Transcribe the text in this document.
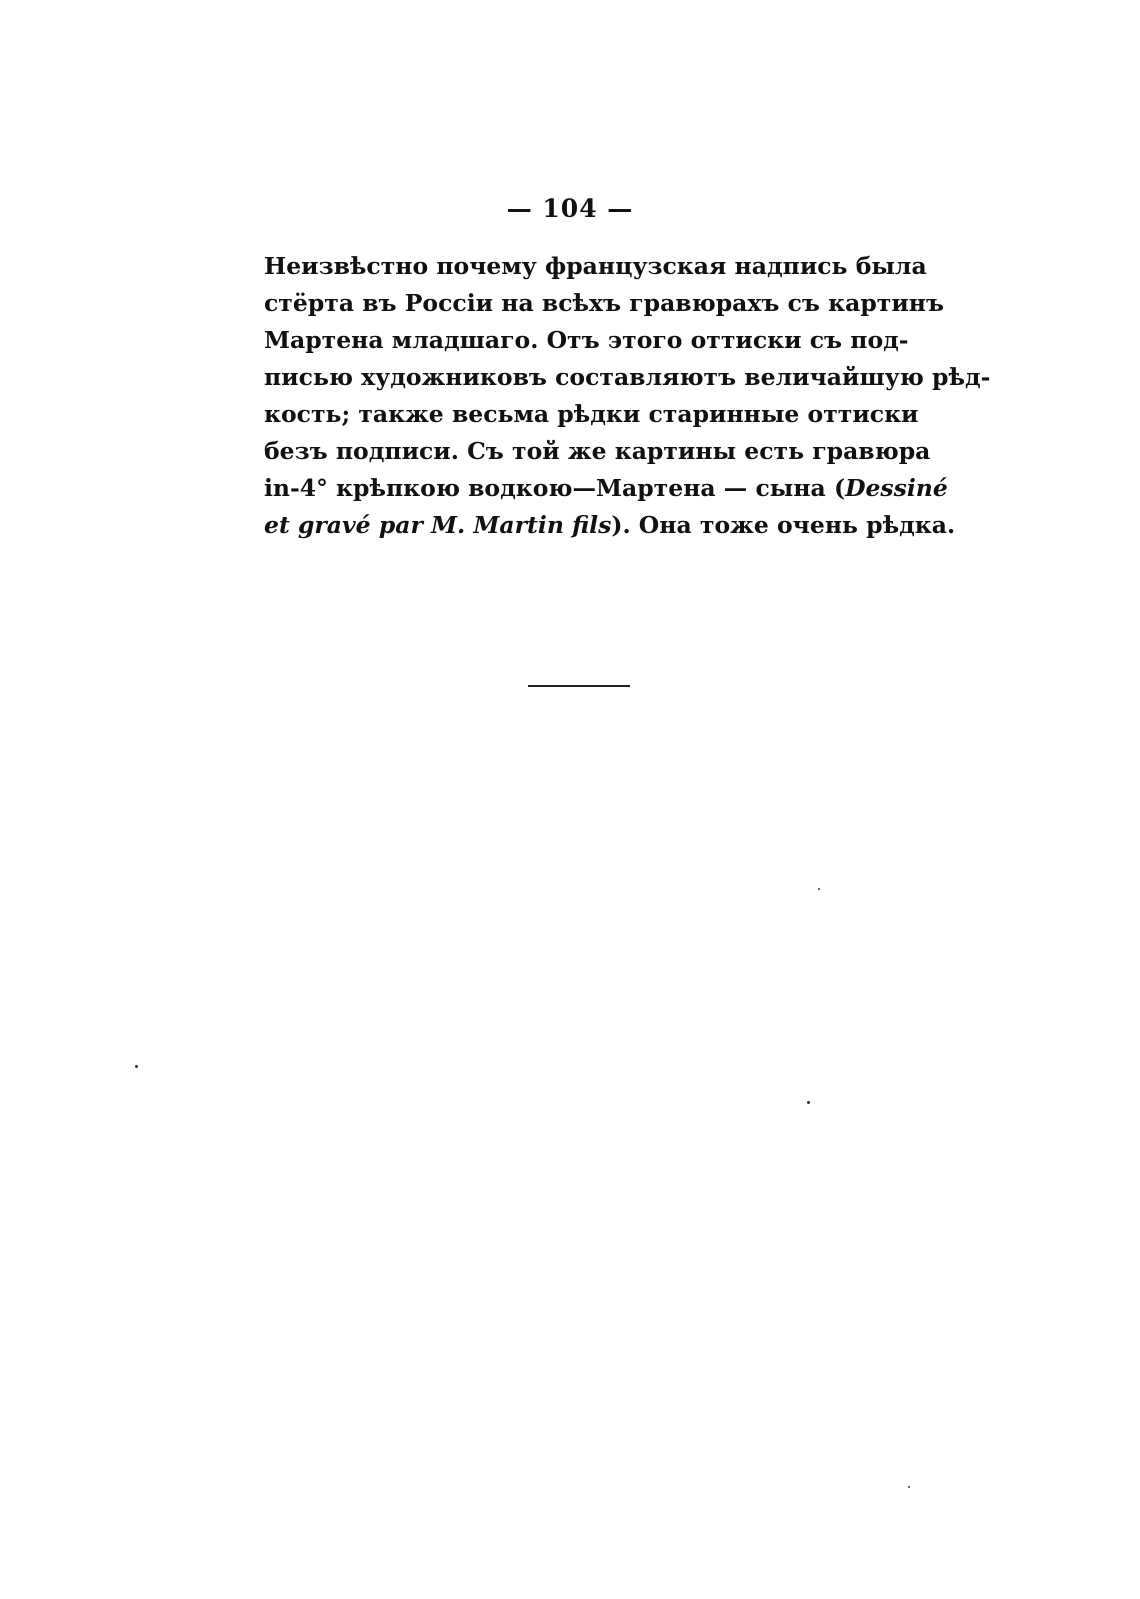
— 104 —
Неизвѣстно почему французская надпись была
стёрта въ Россіи на всѣхъ гравюрахъ съ картинъ
Мартена младшаго. Отъ этого оттиски съ под-
писью художниковъ составляютъ величайшую рѣд-
кость; также весьма рѣдки старинные оттиски
безъ подписи. Съ той же картины есть гравюра
in-4° крѣпкою водкою—Мартена — сына (Dessiné
et gravé par M. Martin fils). Она тоже очень рѣдка.
